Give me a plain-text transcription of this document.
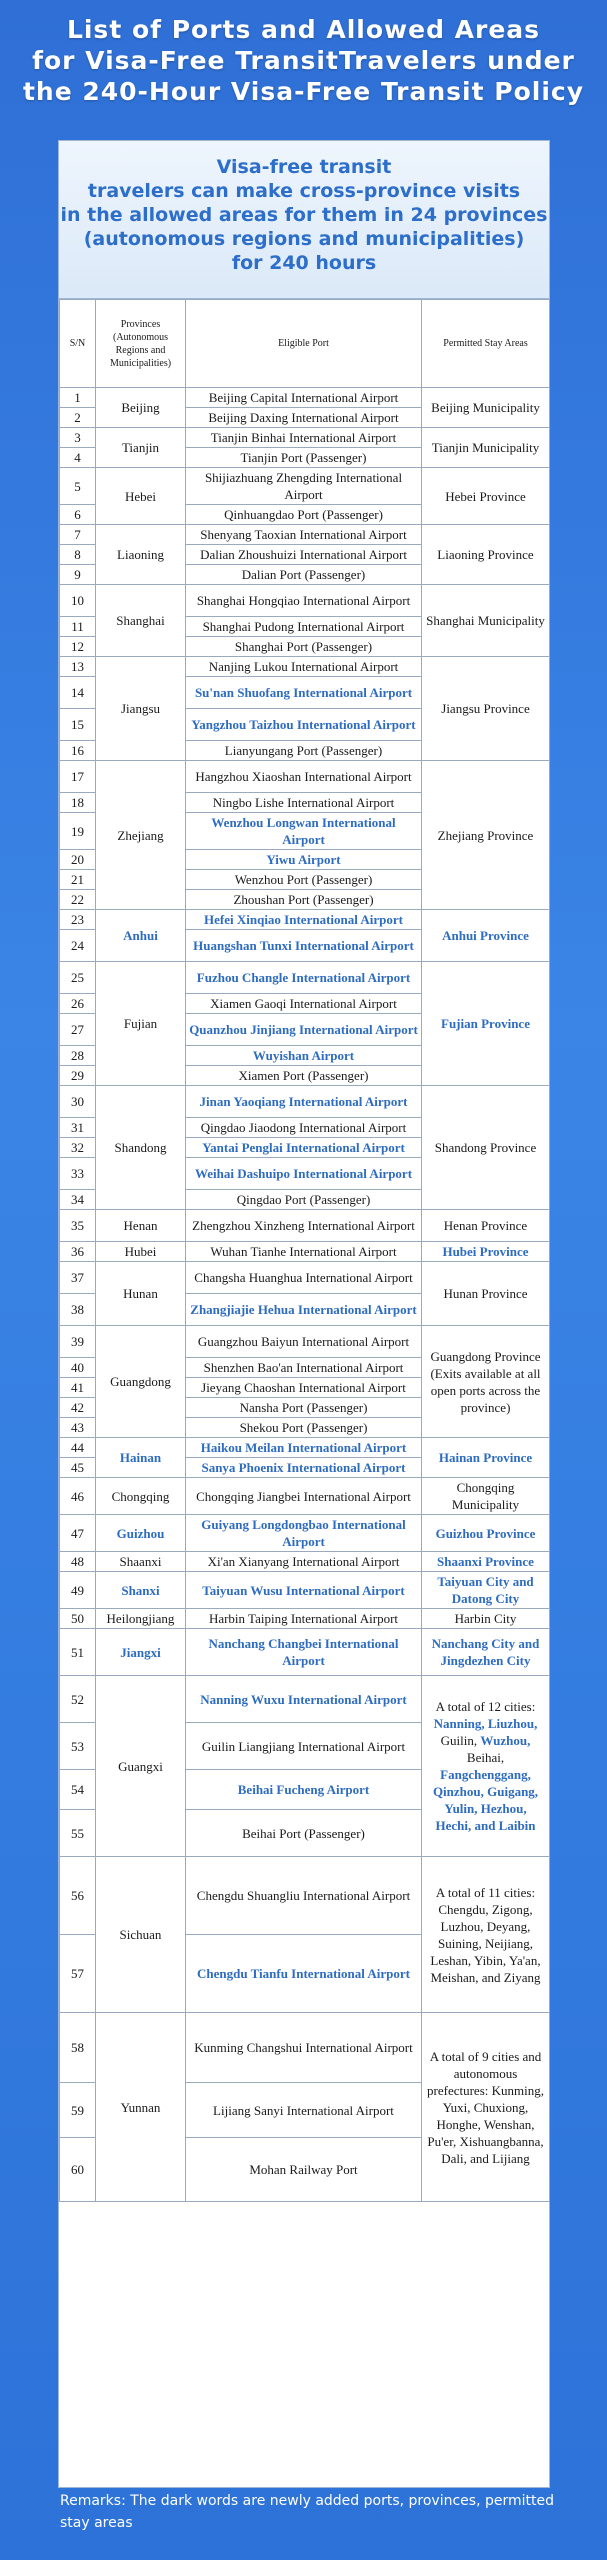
List of Ports and Allowed Areas
for Visa-Free TransitTravelers under
the 240-Hour Visa-Free Transit Policy
Visa-free transit
travelers can make cross-province visits
in the allowed areas for them in 24 provinces
(autonomous regions and municipalities)
for 240 hours
S/N	Provinces (Autonomous Regions and Municipalities)	Eligible Port	Permitted Stay Areas
1	Beijing	Beijing Capital International Airport	Beijing Municipality
2		Beijing Daxing International Airport	
3	Tianjin	Tianjin Binhai International Airport	Tianjin Municipality
4		Tianjin Port (Passenger)	
5	Hebei	Shijiazhuang Zhengding International Airport	Hebei Province
6		Qinhuangdao Port (Passenger)	
7	Liaoning	Shenyang Taoxian International Airport	Liaoning Province
8		Dalian Zhoushuizi International Airport	
9		Dalian Port (Passenger)	
10	Shanghai	Shanghai Hongqiao International Airport	Shanghai Municipality
11		Shanghai Pudong International Airport	
12		Shanghai Port (Passenger)	
13	Jiangsu	Nanjing Lukou International Airport	Jiangsu Province
14		Su'nan Shuofang International Airport	
15		Yangzhou Taizhou International Airport	
16		Lianyungang Port (Passenger)	
17	Zhejiang	Hangzhou Xiaoshan International Airport	Zhejiang Province
18		Ningbo Lishe International Airport	
19		Wenzhou Longwan International Airport	
20		Yiwu Airport	
21		Wenzhou Port (Passenger)	
22		Zhoushan Port (Passenger)	
23	Anhui	Hefei Xinqiao International Airport	Anhui Province
24		Huangshan Tunxi International Airport	
25	Fujian	Fuzhou Changle International Airport	Fujian Province
26		Xiamen Gaoqi International Airport	
27		Quanzhou Jinjiang International Airport	
28		Wuyishan Airport	
29		Xiamen Port (Passenger)	
30	Shandong	Jinan Yaoqiang International Airport	Shandong Province
31		Qingdao Jiaodong International Airport	
32		Yantai Penglai International Airport	
33		Weihai Dashuipo International Airport	
34		Qingdao Port (Passenger)	
35	Henan	Zhengzhou Xinzheng International Airport	Henan Province
36	Hubei	Wuhan Tianhe International Airport	Hubei Province
37	Hunan	Changsha Huanghua International Airport	Hunan Province
38		Zhangjiajie Hehua International Airport	
39	Guangdong	Guangzhou Baiyun International Airport	Guangdong Province (Exits available at all open ports across the province)
40		Shenzhen Bao'an International Airport	
41		Jieyang Chaoshan International Airport	
42		Nansha Port (Passenger)	
43		Shekou Port (Passenger)	
44	Hainan	Haikou Meilan International Airport	Hainan Province
45		Sanya Phoenix International Airport	
46	Chongqing	Chongqing Jiangbei International Airport	Chongqing Municipality
47	Guizhou	Guiyang Longdongbao International Airport	Guizhou Province
48	Shaanxi	Xi'an Xianyang International Airport	Shaanxi Province
49	Shanxi	Taiyuan Wusu International Airport	Taiyuan City and Datong City
50	Heilongjiang	Harbin Taiping International Airport	Harbin City
51	Jiangxi	Nanchang Changbei International Airport	Nanchang City and Jingdezhen City
52	Guangxi	Nanning Wuxu International Airport	A total of 12 cities: Nanning, Liuzhou, Guilin, Wuzhou, Beihai, Fangchenggang, Qinzhou, Guigang, Yulin, Hezhou, Hechi, and Laibin
53		Guilin Liangjiang International Airport	
54		Beihai Fucheng Airport	
55		Beihai Port (Passenger)	
56	Sichuan	Chengdu Shuangliu International Airport	A total of 11 cities: Chengdu, Zigong, Luzhou, Deyang, Suining, Neijiang, Leshan, Yibin, Ya'an, Meishan, and Ziyang
57		Chengdu Tianfu International Airport	
58	Yunnan	Kunming Changshui International Airport	A total of 9 cities and autonomous prefectures: Kunming, Yuxi, Chuxiong, Honghe, Wenshan, Pu'er, Xishuangbanna, Dali, and Lijiang
59		Lijiang Sanyi International Airport	
60		Mohan Railway Port	
Remarks: The dark words are newly added ports, provinces, permitted stay areas
